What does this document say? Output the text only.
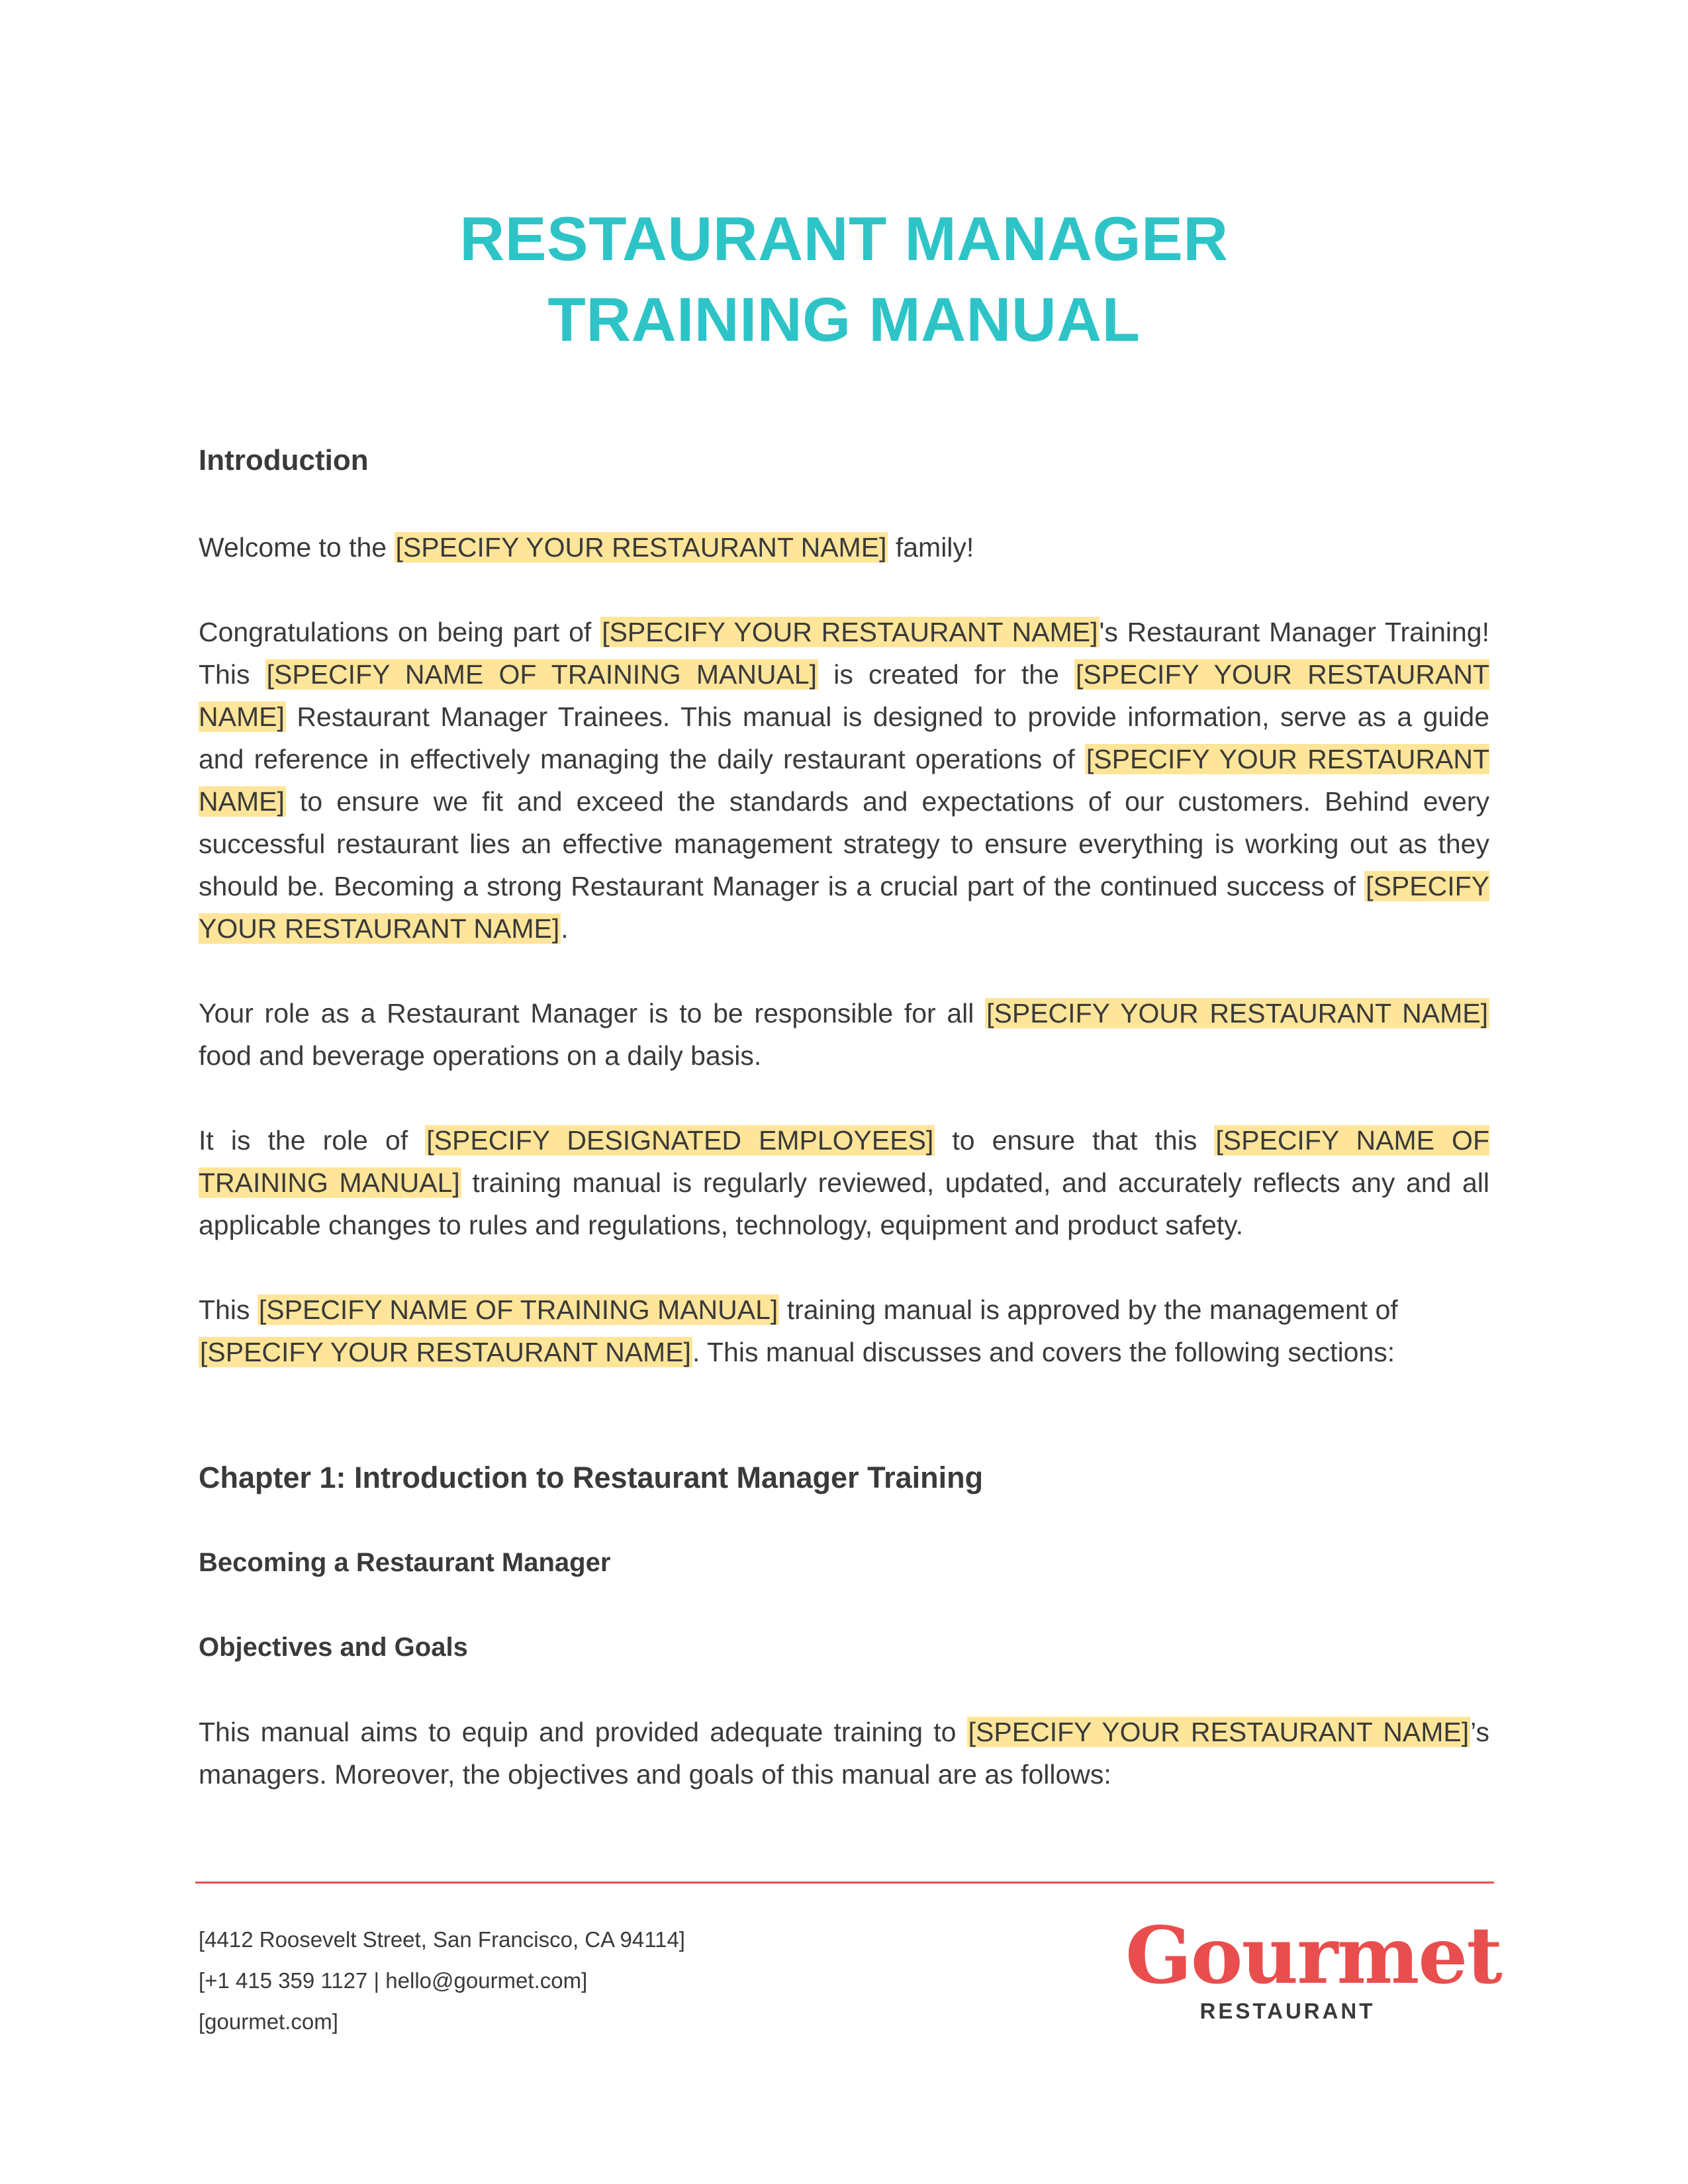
RESTAURANT MANAGER
TRAINING MANUAL
Introduction
Welcome to the [SPECIFY YOUR RESTAURANT NAME] family!
Congratulations on being part of [SPECIFY YOUR RESTAURANT NAME]'s Restaurant Manager Training! This [SPECIFY NAME OF TRAINING MANUAL] is created for the [SPECIFY YOUR RESTAURANT NAME] Restaurant Manager Trainees. This manual is designed to provide information, serve as a guide and reference in effectively managing the daily restaurant operations of [SPECIFY YOUR RESTAURANT NAME] to ensure we fit and exceed the standards and expectations of our customers. Behind every successful restaurant lies an effective management strategy to ensure everything is working out as they should be. Becoming a strong Restaurant Manager is a crucial part of the continued success of [SPECIFY YOUR RESTAURANT NAME].
Your role as a Restaurant Manager is to be responsible for all [SPECIFY YOUR RESTAURANT NAME] food and beverage operations on a daily basis.
It is the role of [SPECIFY DESIGNATED EMPLOYEES] to ensure that this [SPECIFY NAME OF TRAINING MANUAL] training manual is regularly reviewed, updated, and accurately reflects any and all applicable changes to rules and regulations, technology, equipment and product safety.
This [SPECIFY NAME OF TRAINING MANUAL] training manual is approved by the management of
[SPECIFY YOUR RESTAURANT NAME]. This manual discusses and covers the following sections:
Chapter 1: Introduction to Restaurant Manager Training
Becoming a Restaurant Manager
Objectives and Goals
This manual aims to equip and provided adequate training to [SPECIFY YOUR RESTAURANT NAME]’s managers. Moreover, the objectives and goals of this manual are as follows:
[4412 Roosevelt Street, San Francisco, CA 94114]
[+1 415 359 1127 | hello@gourmet.com]
[gourmet.com]
Gourmet
RESTAURANT
